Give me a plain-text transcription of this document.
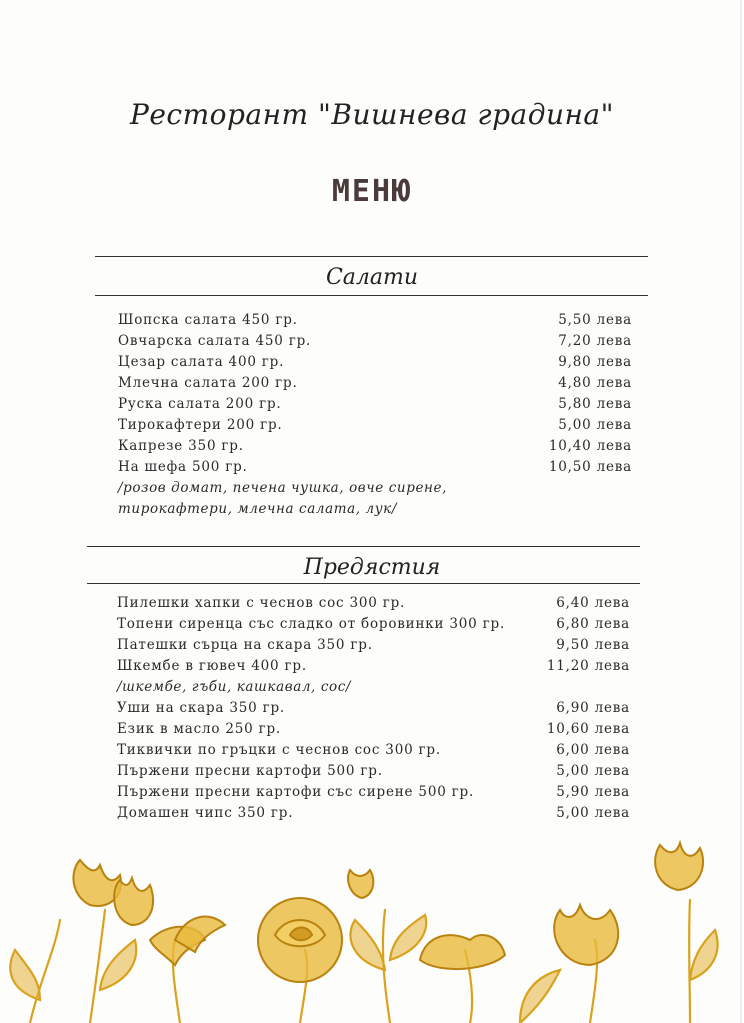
Ресторант "Вишнева градина"
МЕНЮ
Салати
Шопска салата 450 гр.	5,50 лева
Овчарска салата 450 гр.	7,20 лева
Цезар салата 400 гр.	9,80 лева
Млечна салата 200 гр.	4,80 лева
Руска салата 200 гр.	5,80 лева
Тирокафтери 200 гр.	5,00 лева
Капрезе 350 гр.	10,40 лева
На шефа 500 гр.	10,50 лева
/розов домат, печена чушка, овче сирене,
тирокафтери, млечна салата, лук/
Предястия
Пилешки хапки с чеснов сос 300 гр.	6,40 лева
Топени сиренца със сладко от боровинки 300 гр.	6,80 лева
Патешки сърца на скара 350 гр.	9,50 лева
Шкембе в гювеч 400 гр.	11,20 лева
/шкембе, гъби, кашкавал, сос/
Уши на скара 350 гр.	6,90 лева
Език в масло 250 гр.	10,60 лева
Тиквички по гръцки с чеснов сос 300 гр.	6,00 лева
Пържени пресни картофи 500 гр.	5,00 лева
Пържени пресни картофи със сирене 500 гр.	5,90 лева
Домашен чипс 350 гр.	5,00 лева
